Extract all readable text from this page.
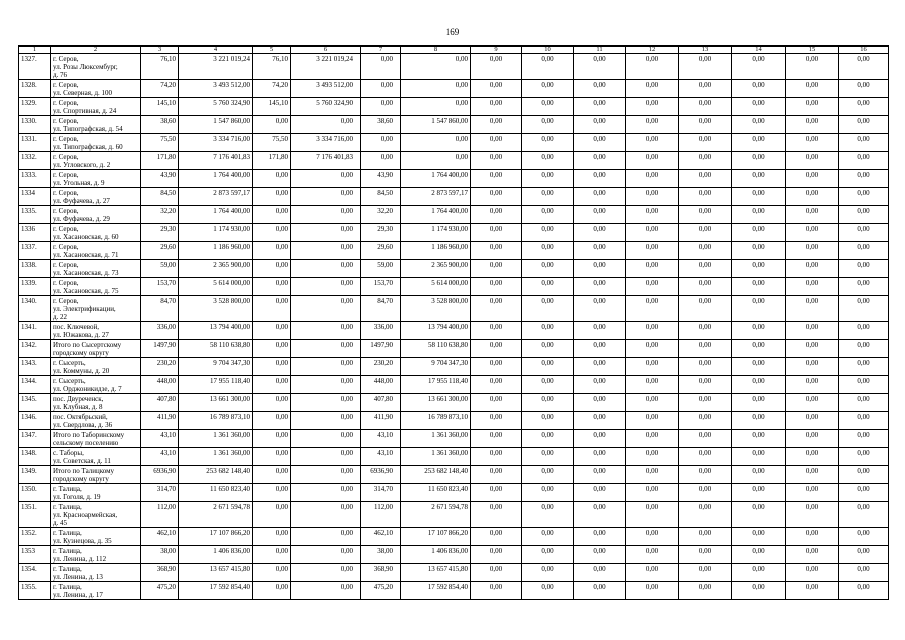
169
1	2	3	4	5	6	7	8	9	10	11	12	13	14	15	16
1327.	г. Серов,
ул. Розы Люксембург,
д. 76	76,10	3 221 019,24	76,10	3 221 019,24	0,00	0,00	0,00	0,00	0,00	0,00	0,00	0,00	0,00	0,00
1328.	г. Серов,
ул. Северная, д. 100	74,20	3 493 512,00	74,20	3 493 512,00	0,00	0,00	0,00	0,00	0,00	0,00	0,00	0,00	0,00	0,00
1329.	г. Серов,
ул. Спортивная, д. 24	145,10	5 760 324,90	145,10	5 760 324,90	0,00	0,00	0,00	0,00	0,00	0,00	0,00	0,00	0,00	0,00
1330.	г. Серов,
ул. Типографская, д. 54	38,60	1 547 860,00	0,00	0,00	38,60	1 547 860,00	0,00	0,00	0,00	0,00	0,00	0,00	0,00	0,00
1331.	г. Серов,
ул. Типографская, д. 60	75,50	3 334 716,00	75,50	3 334 716,00	0,00	0,00	0,00	0,00	0,00	0,00	0,00	0,00	0,00	0,00
1332.	г. Серов,
ул. Угловского, д. 2	171,80	7 176 401,83	171,80	7 176 401,83	0,00	0,00	0,00	0,00	0,00	0,00	0,00	0,00	0,00	0,00
1333.	г. Серов,
ул. Угольная, д. 9	43,90	1 764 400,00	0,00	0,00	43,90	1 764 400,00	0,00	0,00	0,00	0,00	0,00	0,00	0,00	0,00
1334	г. Серов,
ул. Фуфачева, д. 27	84,50	2 873 597,17	0,00	0,00	84,50	2 873 597,17	0,00	0,00	0,00	0,00	0,00	0,00	0,00	0,00
1335.	г. Серов,
ул. Фуфачева, д. 29	32,20	1 764 400,00	0,00	0,00	32,20	1 764 400,00	0,00	0,00	0,00	0,00	0,00	0,00	0,00	0,00
1336	г. Серов,
ул. Хасановская, д. 60	29,30	1 174 930,00	0,00	0,00	29,30	1 174 930,00	0,00	0,00	0,00	0,00	0,00	0,00	0,00	0,00
1337.	г. Серов,
ул. Хасановская, д. 71	29,60	1 186 960,00	0,00	0,00	29,60	1 186 960,00	0,00	0,00	0,00	0,00	0,00	0,00	0,00	0,00
1338.	г. Серов,
ул. Хасановская, д. 73	59,00	2 365 900,00	0,00	0,00	59,00	2 365 900,00	0,00	0,00	0,00	0,00	0,00	0,00	0,00	0,00
1339.	г. Серов,
ул. Хасановская, д. 75	153,70	5 614 000,00	0,00	0,00	153,70	5 614 000,00	0,00	0,00	0,00	0,00	0,00	0,00	0,00	0,00
1340.	г. Серов,
ул. Электрификации,
д. 22	84,70	3 528 800,00	0,00	0,00	84,70	3 528 800,00	0,00	0,00	0,00	0,00	0,00	0,00	0,00	0,00
1341.	пос. Ключевой,
ул. Южакова, д. 27	336,00	13 794 400,00	0,00	0,00	336,00	13 794 400,00	0,00	0,00	0,00	0,00	0,00	0,00	0,00	0,00
1342.	Итого по Сысертскому
городскому округу	1497,90	58 110 638,80	0,00	0,00	1497,90	58 110 638,80	0,00	0,00	0,00	0,00	0,00	0,00	0,00	0,00
1343.	г. Сысерть,
ул. Коммуны, д. 20	230,20	9 704 347,30	0,00	0,00	230,20	9 704 347,30	0,00	0,00	0,00	0,00	0,00	0,00	0,00	0,00
1344.	г. Сысерть,
ул. Орджоникидзе, д. 7	448,00	17 955 118,40	0,00	0,00	448,00	17 955 118,40	0,00	0,00	0,00	0,00	0,00	0,00	0,00	0,00
1345.	пос. Двуреченск,
ул. Клубная, д. 8	407,80	13 661 300,00	0,00	0,00	407,80	13 661 300,00	0,00	0,00	0,00	0,00	0,00	0,00	0,00	0,00
1346.	пос. Октябрьский,
ул. Свердлова, д. 36	411,90	16 789 873,10	0,00	0,00	411,90	16 789 873,10	0,00	0,00	0,00	0,00	0,00	0,00	0,00	0,00
1347.	Итого по Таборинскому
сельскому поселению	43,10	1 361 360,00	0,00	0,00	43,10	1 361 360,00	0,00	0,00	0,00	0,00	0,00	0,00	0,00	0,00
1348.	с. Таборы,
ул. Советская, д. 11	43,10	1 361 360,00	0,00	0,00	43,10	1 361 360,00	0,00	0,00	0,00	0,00	0,00	0,00	0,00	0,00
1349.	Итого по Талицкому
городскому округу	6936,90	253 682 148,40	0,00	0,00	6936,90	253 682 148,40	0,00	0,00	0,00	0,00	0,00	0,00	0,00	0,00
1350.	г. Талица,
ул. Гоголя, д. 19	314,70	11 650 823,40	0,00	0,00	314,70	11 650 823,40	0,00	0,00	0,00	0,00	0,00	0,00	0,00	0,00
1351.	г. Талица,
ул. Красноармейская,
д. 45	112,00	2 671 594,78	0,00	0,00	112,00	2 671 594,78	0,00	0,00	0,00	0,00	0,00	0,00	0,00	0,00
1352.	г. Талица,
ул. Кузнецова, д. 35	462,10	17 107 866,20	0,00	0,00	462,10	17 107 866,20	0,00	0,00	0,00	0,00	0,00	0,00	0,00	0,00
1353	г. Талица,
ул. Ленина, д. 112	38,00	1 406 836,00	0,00	0,00	38,00	1 406 836,00	0,00	0,00	0,00	0,00	0,00	0,00	0,00	0,00
1354.	г. Талица,
ул. Ленина, д. 13	368,90	13 657 415,80	0,00	0,00	368,90	13 657 415,80	0,00	0,00	0,00	0,00	0,00	0,00	0,00	0,00
1355.	г. Талица,
ул. Ленина, д. 17	475,20	17 592 854,40	0,00	0,00	475,20	17 592 854,40	0,00	0,00	0,00	0,00	0,00	0,00	0,00	0,00
